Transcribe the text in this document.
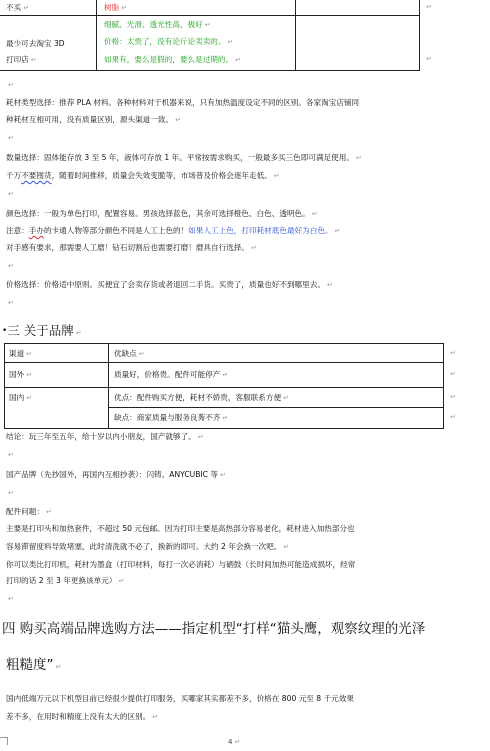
不买 ↵	树脂 ↵
细腻、光滑、透光性高、极好 ↵
最少可去淘宝 3D	价格：太贵了，没有论斤论卖卖的。 ↵
打印店 ↵	如果有，要么是假的，要么是过期的。 ↵
↵
↵
↵
耗材类型选择：推荐 PLA 材料。各种材料对于机器来说，只有加热温度设定不同的区别。各家淘宝店铺同
种耗材互相可用，没有质量区别，源头渠道一致。 ↵
↵
数量选择：固体能存放 3 至 5 年，液体可存放 1 年。平常按需求购买，一般最多买三色即可满足使用。 ↵
千万不要囤货，随着时间推移，质量会失效变脆等，市场普及价格会逐年走低。 ↵
↵
颜色选择：一般为单色打印，配置容易。男孩选择蓝色，其余可选择橙色、白色、透明色。 ↵
注意：手办的卡通人物等部分颜色不同是人工上色的！如果人工上色，打印耗材底色最好为白色。 ↵
对手感有要求，那需要人工磨！钻石切割后也需要打磨！磨具自行选择。 ↵
↵
价格选择：价格适中原则。买便宜了会卖存货或者退回二手货。买贵了，质量也好不到哪里去。 ↵
↵
•三 关于品牌 ↵
渠道 ↵	优缺点 ↵
国外 ↵	质量好，价格贵。配件可能停产 ↵
国内 ↵	优点：配件购买方便，耗材不娇贵，客服联系方便 ↵
缺点：商家质量与服务良莠不齐 ↵
↵
↵
↵
↵
结论：玩三年至五年，给十岁以内小朋友，国产就够了。 ↵
↵
国产品牌（先抄国外，再国内互相抄袭）：闪铸、ANYCUBIC 等 ↵
↵
配件问题： ↵
主要是打印头和加热套件，不超过 50 元包邮。因为打印主要是高热部分容易老化，耗材进入加热部分也
容易滞留度料导致堵塞，此时清洗就不必了，换新的即可。大约 2 年会换一次吧。 ↵
你可以类比打印机，耗材为墨盒（打印材料，每打一次必消耗）与硒鼓（长时间加热可能造成损坏，经常
打印的话 2 至 3 年更换该单元） ↵
↵
四 购买高端品牌选购方法——指定机型“打样“猫头鹰，观察纹理的光泽
粗糙度” ↵
国内低端万元以下机型目前已经很少提供打印服务，买哪家其实都差不多，价格在 800 元至 8 千元效果
差不多，在用时和精度上没有太大的区别。 ↵
4 ↵
